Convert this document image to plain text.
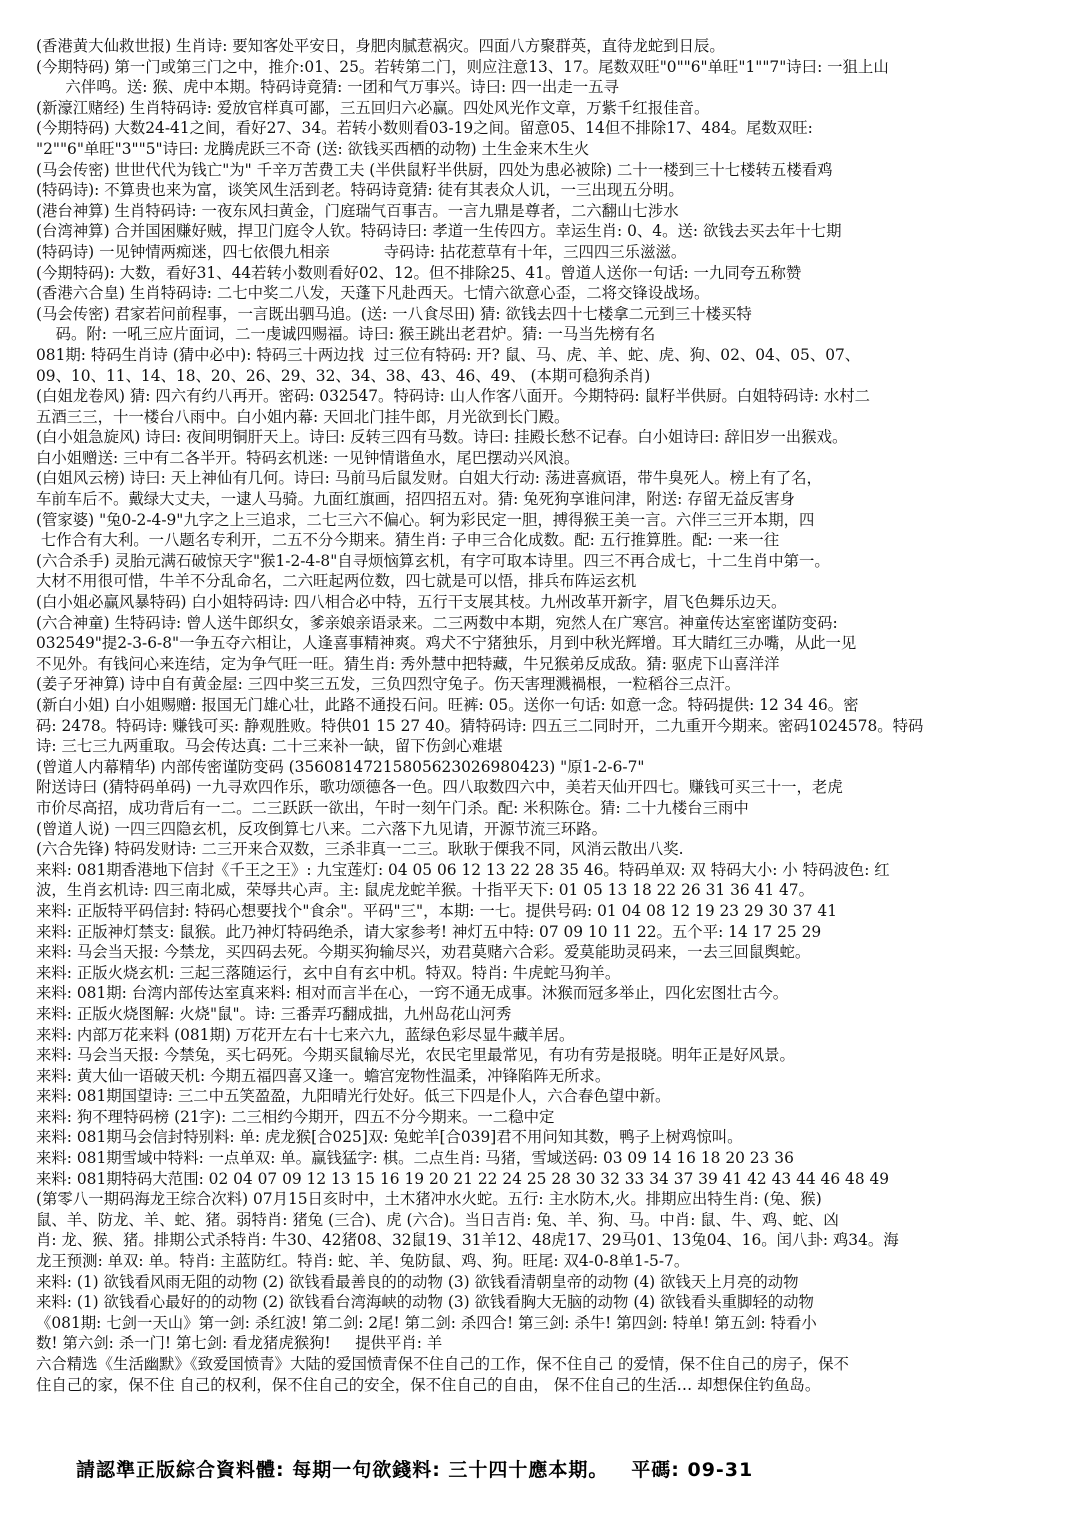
(香港黄大仙救世报) 生肖诗: 要知客处平安日，身肥肉腻惹祸灾。四面八方聚群英，直待龙蛇到日辰。
(今期特码) 第一门或第三门之中，推介:01、25。若转第二门，则应注意13、17。尾数双旺"0""6"单旺"1""7"诗曰: 一狙上山
六伴鸣。送: 猴、虎中本期。特码诗竟猜: 一团和气万事兴。诗曰: 四一出走一五寻
(新濠江赌经) 生肖特码诗: 爱放官样真可鄙，三五回归六必赢。四处风光作文章，万紫千红报佳音。
(今期特码) 大数24-41之间，看好27、34。若转小数则看03-19之间。留意05、14但不排除17、484。尾数双旺:
"2""6"单旺"3""5"诗曰: 龙腾虎跃三不奇 (送: 欲钱买西栖的动物) 土生金来木生火
(马会传密) 世世代代为钱亡"为" 千辛万苦费工夫 (半供鼠籽半供厨，四处为患必被除) 二十一楼到三十七楼转五楼看鸡
(特码诗): 不算贵也来为富，谈笑风生活到老。特码诗竟猜: 徒有其表众人讥，一三出现五分明。
(港台神算) 生肖特码诗: 一夜东风扫黄金，门庭瑞气百事吉。一言九鼎是尊者，二六翻山七涉水
(台湾神算) 合并国困赚好贼，捍卫门庭令人钦。特码诗曰: 孝道一生传四方。幸运生肖: 0、4。送: 欲钱去买去年十七期
(特码诗) 一见钟情两痴迷，四七依偎九相亲           寺码诗: 拈花惹草有十年，三四四三乐滋滋。
(今期特码): 大数，看好31、44若转小数则看好02、12。但不排除25、41。曾道人送你一句话: 一九同夸五称赞
(香港六合皇) 生肖特码诗: 二七中奖二八发，天蓬下凡赴西天。七情六欲意心歪，二将交锋设战场。
(马会传密) 君家若问前程事，一言既出驷马追。(送: 一八食尽田) 猜: 欲钱去四十七楼拿二元到三十楼买特
码。附: 一吼三应片面词，二一虔诚四赐福。诗曰: 猴王跳出老君炉。猜: 一马当先榜有名
081期: 特码生肖诗 (猜中必中): 特码三十两边找  过三位有特码: 开? 鼠、马、虎、羊、蛇、虎、狗、02、04、05、07、
09、10、11、14、18、20、26、29、32、34、38、43、46、49、 (本期可稳狗杀肖)
(白姐龙卷风) 猜: 四六有约八再开。密码: 032547。特码诗: 山人作客八面开。今期特码: 鼠籽半供厨。白姐特码诗: 水村二
五酒三三，十一楼台八雨中。白小姐内幕: 天回北门挂牛郎，月光欲到长门殿。
(白小姐急旋风) 诗曰: 夜间明铜肝天上。诗曰: 反转三四有马数。诗曰: 挂殿长愁不记春。白小姐诗曰: 辞旧岁一出猴戏。
白小姐赠送: 三中有二各半开。特码玄机迷: 一见钟情谐鱼水，尾巴摆动兴风浪。
(白姐风云榜) 诗曰: 天上神仙有几何。诗曰: 马前马后鼠发财。白姐大行动: 荡进喜疯语，带牛臭死人。榜上有了名，
车前车后不。戴绿大丈夫，一逮人马骑。九面红旗画，招四招五对。猜: 兔死狗享谁问津，附送: 存留无益反害身
(管家婆) "兔0-2-4-9"九字之上三追求，二七三六不偏心。轲为彩民定一胆，搏得猴王美一言。六伴三三开本期，四
七作合有大利。一八题名专利开，二五不分今期来。猜生肖: 子申三合化成数。配: 五行推算胜。配: 一来一往
(六合杀手) 灵胎元满石破惊天字"猴1-2-4-8"自寻烦恼算玄机，有字可取本诗里。四三不再合成七，十二生肖中第一。
大材不用很可惜，牛羊不分乱命名，二六旺起两位数，四七就是可以悟，排兵布阵运玄机
(白小姐必赢风暴特码) 白小姐特码诗: 四八相合必中特，五行干支展其枝。九州改革开新字，眉飞色舞乐边天。
(六合神童) 生特码诗: 曾人送牛郎织女，爹亲娘亲语录来。二三两数中本期，宛然人在广寒宫。神童传达室密谨防变码:
032549"提2-3-6-8"一争五夺六相让，人逢喜事精神爽。鸡犬不宁猪独乐，月到中秋光辉增。耳大睛红三办嘴，从此一见
不见外。有钱问心来连结，定为争气旺一旺。猜生肖: 秀外慧中把特藏，牛兄猴弟反成敌。猜: 驱虎下山喜洋洋
(姜子牙神算) 诗中自有黄金屋: 三四中奖三五发，三负四烈守兔子。伤天害理溅禍根，一粒稻谷三点汗。
(新白小姐) 白小姐赐赠: 报国无门雄心壮，此路不通投石问。旺裤: 05。送你一句话: 如意一念。特码提供: 12 34 46。密
码: 2478。特码诗: 赚钱可买: 静观胜败。特供01 15 27 40。猜特码诗: 四五三二同时开，二九重开今期来。密码1024578。特码
诗: 三七三九两重取。马会传达真: 二十三来补一缺，留下伤剑心难堪
(曾道人内幕精华) 内部传密谨防变码 (356081472158056230269804​23) "原1-2-6-7"
附送诗曰 (猜特码单码) 一九寻欢四作乐，歌功颂德各一色。四八取数四六中，美若天仙开四七。赚钱可买三十一，老虎
市价尽高招，成功背后有一二。二三跃跃一欲出，午时一刻午门杀。配: 米积陈仓。猜: 二十九楼台三雨中
(曾道人说) 一四三四隐玄机，反攻倒算七八来。二六落下九见请，开源节流三环路。
(六合先锋) 特码发财诗: 二三开来合双数，三杀非真一二三。耿耿于傈我不同，风消云散出八奖.
来料: 081期香港地下信封《千王之王》: 九宝莲灯: 04 05 06 12 13 22 28 35 46。特码单双: 双 特码大小: 小 特码波色: 红
波，生肖玄机诗: 四三南北威，荣辱共心声。主: 鼠虎龙蛇羊猴。十指平天下: 01 05 13 18 22 26 31 36 41 47。
来料: 正版特平码信封: 特码心想要找个"食余"。平码"三"，本期: 一七。提供号码: 01 04 08 12 19 23 29 30 37 41
来料: 正版神灯禁支: 鼠猴。此乃神灯特码绝杀，请大家参考! 神灯五中特: 07 09 10 11 22。五个平: 14 17 25 29
来料: 马会当天报: 今禁龙，买四码去死。今期买狗输尽兴，劝君莫赌六合彩。爱莫能助灵码来，一去三回鼠舆蛇。
来料: 正版火烧玄机: 三起三落随运行，玄中自有玄中机。特双。特肖: 牛虎蛇马狗羊。
来料: 081期: 台湾内部传达室真来料: 相对而言半在心，一窍不通无成事。沐猴而冠多举止，四化宏图壮古今。
来料: 正版火烧图解: 火烧"鼠"。诗: 三番弄巧翻成拙，九州岛花山河秀
来料: 内部万花来料 (081期) 万花开左右十七来六九，蓝绿色彩尽显牛藏羊居。
来料: 马会当天报: 今禁兔，买七码死。今期买鼠输尽光，农民宅里最常见，有功有劳是报晓。明年正是好风景。
来料: 黄大仙一语破天机: 今期五福四喜又逢一。蟾宫宠物性温柔，冲锋陷阵无所求。
来料: 081期国望诗: 三二中五笑盈盈，九阳晴光行处好。低三下四是仆人，六合春色望中新。
来料: 狗不理特码榜 (21字): 二三相约今期开，四五不分今期来。一二稳中定
来料: 081期马会信封特别料: 单: 虎龙猴[合025]双: 兔蛇羊[合039]君不用问知其数，鸭子上树鸡惊叫。
来料: 081期雪域中特料: 一点单双: 单。赢钱猛字: 棋。二点生肖: 马猪，雪域送码: 03 09 14 16 18 20 23 36
来料: 081期特码大范围: 02 04 07 09 12 13 15 16 19 20 21 22 24 25 28 30 32 33 34 37 39 41 42 43 44 46 48 49
(第零八一期码海龙王综合次料) 07月15日亥时中，土木猪冲水火蛇。五行: 主水防木,火。排期应出特生肖: (兔、猴)
鼠、羊、防龙、羊、蛇、猪。弱特肖: 猪兔 (三合)、虎 (六合)。当日吉肖: 兔、羊、狗、马。中肖: 鼠、牛、鸡、蛇、凶
肖: 龙、猴、猪。排期公式杀特肖: 牛30、42猪08、32鼠19、31羊12、48虎17、29马01、13兔04、16。闰八卦: 鸡34。海
龙王预测: 单双: 单。特肖: 主蓝防红。特肖: 蛇、羊、兔防鼠、鸡、狗。旺尾: 双4-0-8单1-5-7。
来料: (1) 欲钱看风雨无阻的动物 (2) 欲钱看最善良的的动物 (3) 欲钱看清朝皇帝的动物 (4) 欲钱天上月亮的动物
来料: (1) 欲钱看心最好的的动物 (2) 欲钱看台湾海峡的动物 (3) 欲钱看胸大无脑的动物 (4) 欲钱看头重脚轻的动物
《081期: 七剑一天山》第一剑: 杀红波! 第二剑: 2尾! 第二剑: 杀四合! 第三剑: 杀牛! 第四剑: 特单! 第五剑: 特看小
数! 第六剑: 杀一门! 第七剑: 看龙猪虎猴狗!     提供平肖: 羊
六合精选《生活幽默》《致爱国愤青》大陆的爱国愤青保不住自己的工作，保不住自己 的爱情，保不住自己的房子，保不
住自己的家，保不住 自己的权利，保不住自己的安全，保不住自己的自由， 保不住自己的生活… 却想保住钓鱼岛。
請認準正版綜合資料體: 每期一句欲錢料: 三十四十應本期。   平碼: 09-31
